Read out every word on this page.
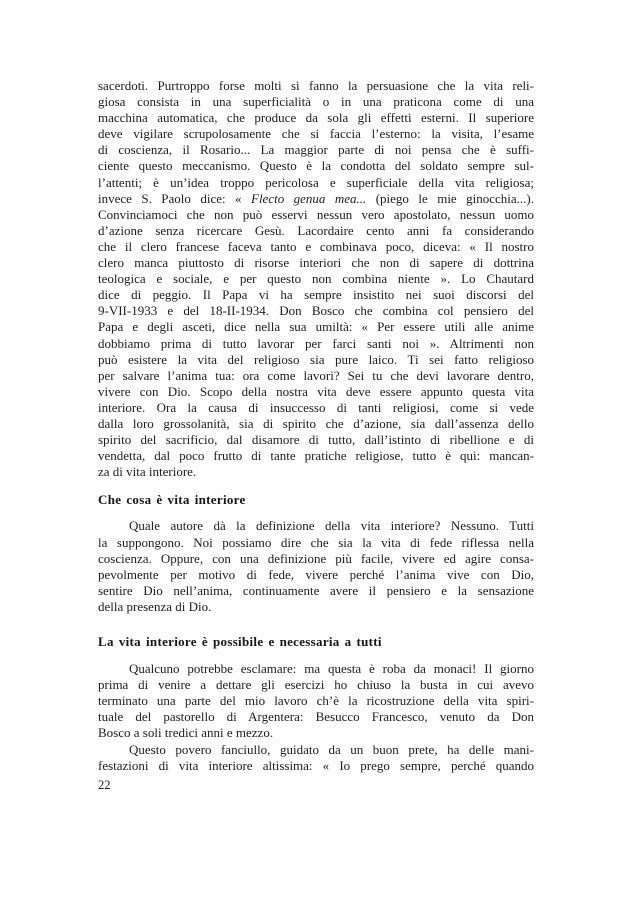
sacerdoti. Purtroppo forse molti si fanno la persuasione che la vita reli-
giosa consista in una superficialità o in una praticona come di una
macchina automatica, che produce da sola gli effetti esterni. Il superiore
deve vigilare scrupolosamente che si faccia l’esterno: la visita, l’esame
di coscienza, il Rosario... La maggior parte di noi pensa che è suffi-
ciente questo meccanismo. Questo è la condotta del soldato sempre sul-
l’attenti; è un’idea troppo pericolosa e superficiale della vita religiosa;
invece S. Paolo dice: « Flecto genua mea... (piego le mie ginocchia...).
Convinciamoci che non può esservi nessun vero apostolato, nessun uomo
d’azione senza ricercare Gesù. Lacordaire cento anni fa considerando
che il clero francese faceva tanto e combinava poco, diceva: « Il nostro
clero manca piuttosto di risorse interiori che non di sapere di dottrina
teologica e sociale, e per questo non combina niente ». Lo Chautard
dice di peggio. Il Papa vi ha sempre insistito nei suoi discorsi del
9-VII-1933 e del 18-II-1934. Don Bosco che combina col pensiero del
Papa e degli asceti, dice nella sua umiltà: « Per essere utili alle anime
dobbiamo prima di tutto lavorar per farci santi noi ». Altrimenti non
può esistere la vita del religioso sia pure laico. Ti sei fatto religioso
per salvare l’anima tua: ora come lavori? Sei tu che devi lavorare dentro,
vivere con Dio. Scopo della nostra vita deve essere appunto questa vita
interiore. Ora la causa di insuccesso di tanti religiosi, come si vede
dalla loro grossolanità, sia di spirito che d’azione, sia dall’assenza dello
spirito del sacrificio, dal disamore di tutto, dall’istinto di ribellione e di
vendetta, dal poco frutto di tante pratiche religiose, tutto è qui: mancan-
za di vita interiore.
Che cosa è vita interiore
Quale autore dà la definizione della vita interiore? Nessuno. Tutti
la suppongono. Noi possiamo dire che sia la vita di fede riflessa nella
coscienza. Oppure, con una definizione più facile, vivere ed agire consa-
pevolmente per motivo di fede, vivere perché l’anima vive con Dio,
sentire Dio nell’anima, continuamente avere il pensiero e la sensazione
della presenza di Dio.
La vita interiore è possibile e necessaria a tutti
Qualcuno potrebbe esclamare: ma questa è roba da monaci! Il giorno
prima di venire a dettare gli esercizi ho chiuso la busta in cui avevo
terminato una parte del mio lavoro ch’è la ricostruzione della vita spiri-
tuale del pastorello di Argentera: Besucco Francesco, venuto da Don
Bosco a soli tredici anni e mezzo.
Questo povero fanciullo, guidato da un buon prete, ha delle mani-
festazioni di vita interiore altissima: « Io prego sempre, perché quando
22
